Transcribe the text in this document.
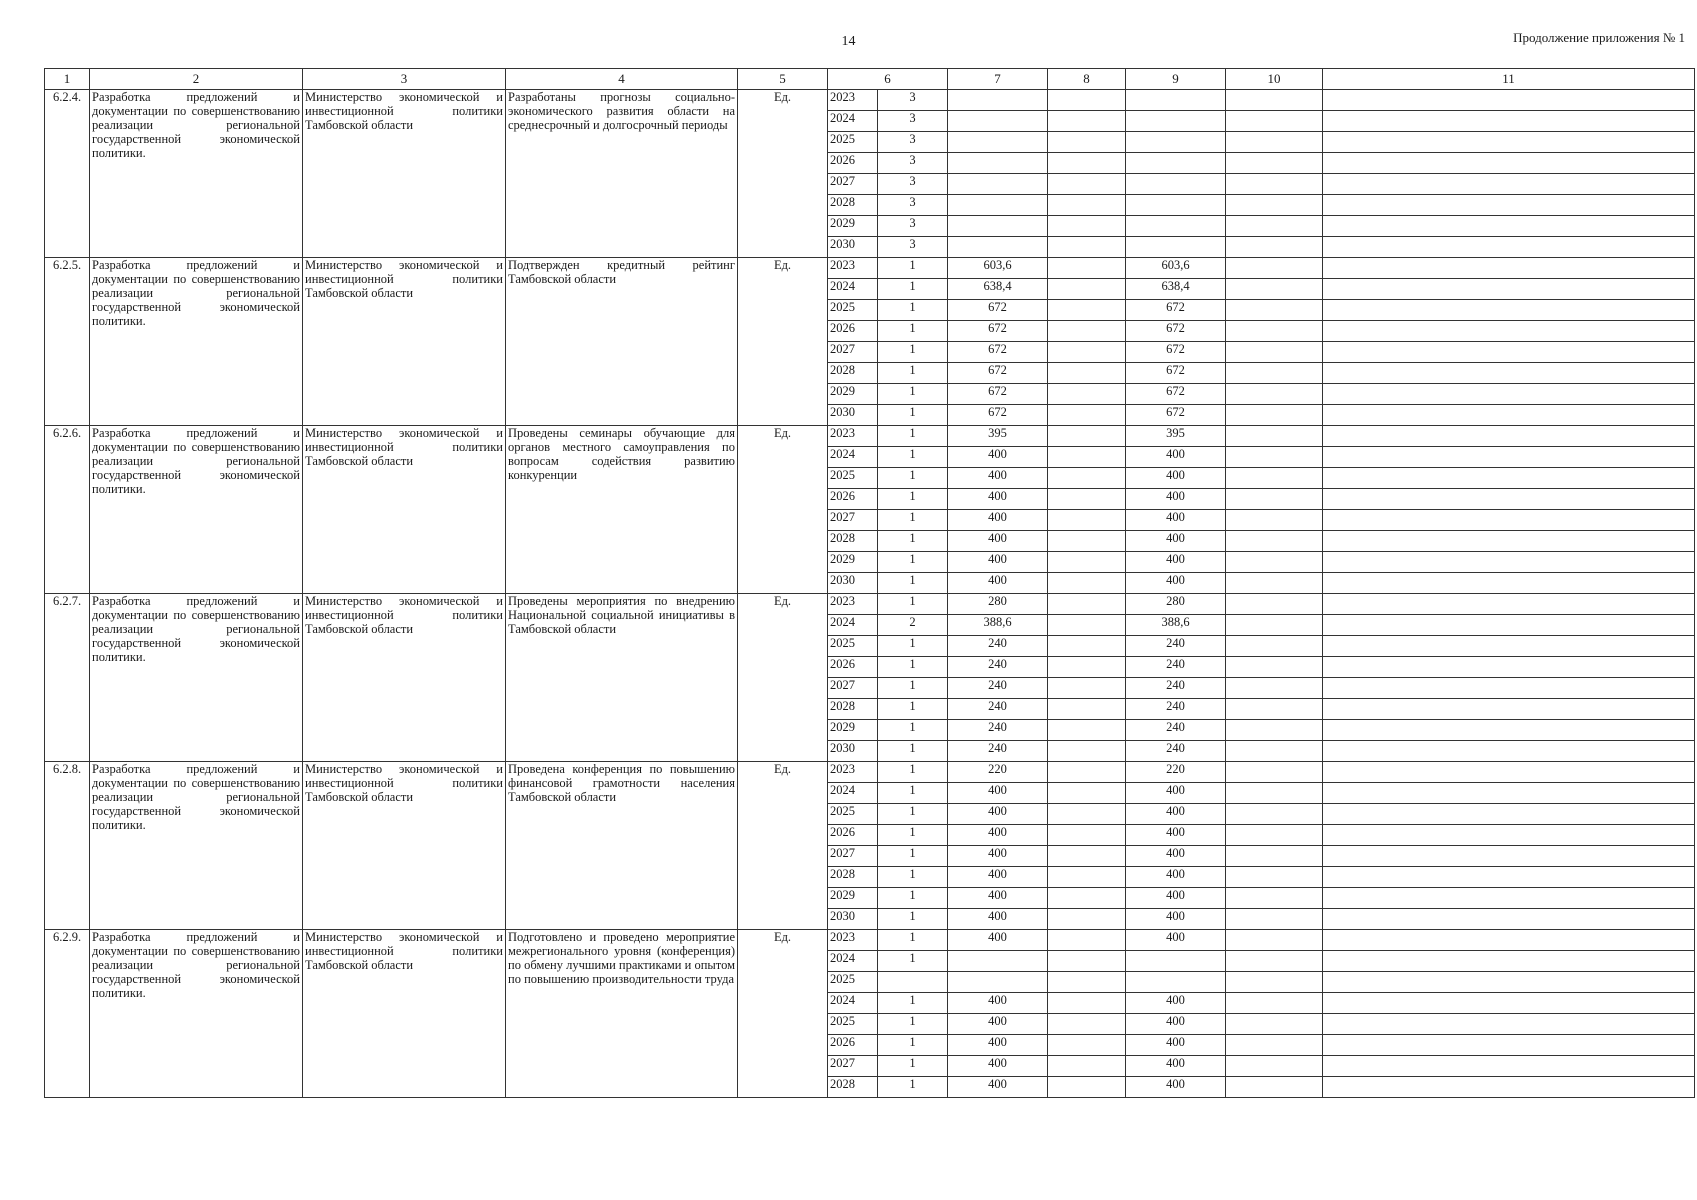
14	Продолжение приложения № 1
1	2	3	4	5	6		7	8	9	10	11
6.2.4.	Разработка предложений и документации по совершенствованию реализации региональной государственной экономической политики.	Министерство экономической и инвестиционной политики Тамбовской области	Разработаны прогнозы социально-экономического развития области на среднесрочный и долгосрочный периоды	Ед.	2023	3					
					2024	3					
					2025	3					
					2026	3					
					2027	3					
					2028	3					
					2029	3					
					2030	3					
6.2.5.	Разработка предложений и документации по совершенствованию реализации региональной государственной экономической политики.	Министерство экономической и инвестиционной политики Тамбовской области	Подтвержден кредитный рейтинг Тамбовской области	Ед.	2023	1	603,6		603,6		
					2024	1	638,4		638,4		
					2025	1	672		672		
					2026	1	672		672		
					2027	1	672		672		
					2028	1	672		672		
					2029	1	672		672		
					2030	1	672		672		
6.2.6.	Разработка предложений и документации по совершенствованию реализации региональной государственной экономической политики.	Министерство экономической и инвестиционной политики Тамбовской области	Проведены семинары обучающие для органов местного самоуправления по вопросам содействия развитию конкуренции	Ед.	2023	1	395		395		
					2024	1	400		400		
					2025	1	400		400		
					2026	1	400		400		
					2027	1	400		400		
					2028	1	400		400		
					2029	1	400		400		
					2030	1	400		400		
6.2.7.	Разработка предложений и документации по совершенствованию реализации региональной государственной экономической политики.	Министерство экономической и инвестиционной политики Тамбовской области	Проведены мероприятия по внедрению Национальной социальной инициативы в Тамбовской области	Ед.	2023	1	280		280		
					2024	2	388,6		388,6		
					2025	1	240		240		
					2026	1	240		240		
					2027	1	240		240		
					2028	1	240		240		
					2029	1	240		240		
					2030	1	240		240		
6.2.8.	Разработка предложений и документации по совершенствованию реализации региональной государственной экономической политики.	Министерство экономической и инвестиционной политики Тамбовской области	Проведена конференция по повышению финансовой грамотности населения Тамбовской области	Ед.	2023	1	220		220		
					2024	1	400		400		
					2025	1	400		400		
					2026	1	400		400		
					2027	1	400		400		
					2028	1	400		400		
					2029	1	400		400		
					2030	1	400		400		
6.2.9.	Разработка предложений и документации по совершенствованию реализации региональной государственной экономической политики.	Министерство экономической и инвестиционной политики Тамбовской области	Подготовлено и проведено мероприятие межрегионального уровня (конференция) по обмену лучшими практиками и опытом по повышению производительности труда	Ед.	2023	1	400		400		
					2024	1					
					2025						
					2024	1	400		400		
					2025	1	400		400		
					2026	1	400		400		
					2027	1	400		400		
					2028	1	400		400		
